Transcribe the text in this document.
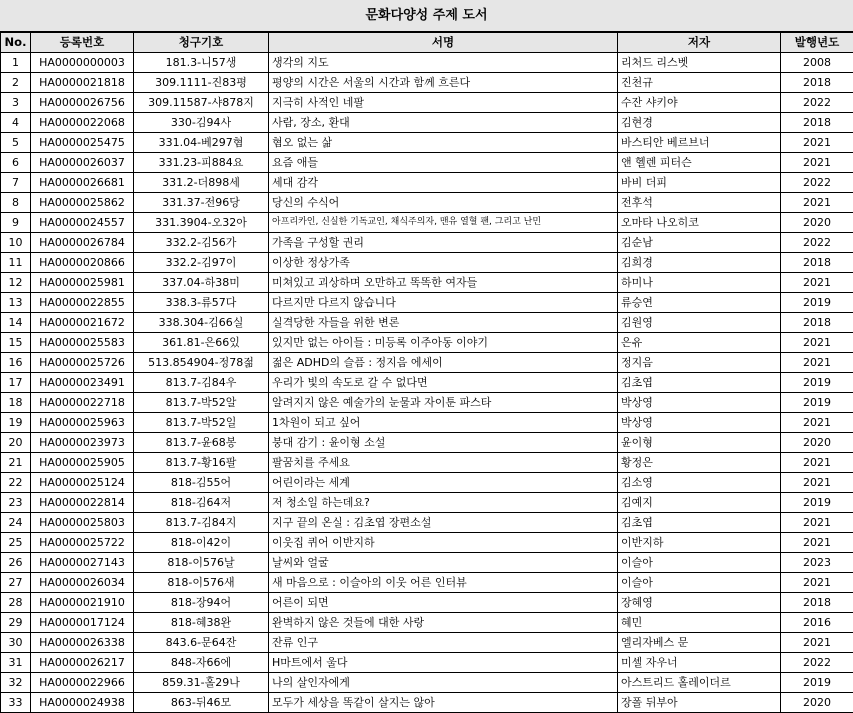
문화다양성 주제 도서
No.	등록번호	청구기호	서명	저자	발행년도
1	HA0000000003	181.3-니57생	생각의 지도	리처드 리스벳	2008
2	HA0000021818	309.1111-진83평	평양의 시간은 서울의 시간과 함께 흐른다	진천규	2018
3	HA0000026756	309.11587-샤878지	지극히 사적인 네팔	수잔 샤키야	2022
4	HA0000022068	330-김94사	사람, 장소, 환대	김현경	2018
5	HA0000025475	331.04-베297혐	혐오 없는 삶	바스티안 베르브너	2021
6	HA0000026037	331.23-피884요	요즘 애들	앤 헬렌 피터슨	2021
7	HA0000026681	331.2-더898세	세대 감각	바비 더피	2022
8	HA0000025862	331.37-전96당	당신의 수식어	전후석	2021
9	HA0000024557	331.3904-오32아	아프리카인, 신실한 기독교인, 채식주의자, 맨유 열혈 팬, 그리고 난민	오마타 나오히코	2020
10	HA0000026784	332.2-김56가	가족을 구성할 권리	김순남	2022
11	HA0000020866	332.2-김97이	이상한 정상가족	김희경	2018
12	HA0000025981	337.04-하38미	미쳐있고 괴상하며 오만하고 똑똑한 여자들	하미나	2021
13	HA0000022855	338.3-류57다	다르지만 다르지 않습니다	류승연	2019
14	HA0000021672	338.304-김66실	실격당한 자들을 위한 변론	김원영	2018
15	HA0000025583	361.81-은66있	있지만 없는 아이들 : 미등록 이주아동 이야기	은유	2021
16	HA0000025726	513.854904-정78젊	젊은 ADHD의 슬픔 : 정지음 에세이	정지음	2021
17	HA0000023491	813.7-김84우	우리가 빛의 속도로 갈 수 없다면	김초엽	2019
18	HA0000022718	813.7-박52알	알려지지 않은 예술가의 눈물과 자이툰 파스타	박상영	2019
19	HA0000025963	813.7-박52일	1차원이 되고 싶어	박상영	2021
20	HA0000023973	813.7-윤68봉	붕대 감기 : 윤이형 소설	윤이형	2020
21	HA0000025905	813.7-황16팔	팔꿈치를 주세요	황정은	2021
22	HA0000025124	818-김55어	어린이라는 세계	김소영	2021
23	HA0000022814	818-김64저	저 청소일 하는데요?	김예지	2019
24	HA0000025803	813.7-김84지	지구 끝의 온실 : 김초엽 장편소설	김초엽	2021
25	HA0000025722	818-이42이	이웃집 퀴어 이반지하	이반지하	2021
26	HA0000027143	818-이576날	날씨와 얼굴	이슬아	2023
27	HA0000026034	818-이576새	새 마음으로 : 이슬아의 이웃 어른 인터뷰	이슬아	2021
28	HA0000021910	818-장94어	어른이 되면	장혜영	2018
29	HA0000017124	818-혜38완	완벽하지 않은 것들에 대한 사랑	혜민	2016
30	HA0000026338	843.6-문64잔	잔류 인구	엘리자베스 문	2021
31	HA0000026217	848-자66에	H마트에서 울다	미셸 자우너	2022
32	HA0000022966	859.31-홀29나	나의 살인자에게	아스트리드 홀레이더르	2019
33	HA0000024938	863-뒤46모	모두가 세상을 똑같이 살지는 않아	장폴 뒤부아	2020
